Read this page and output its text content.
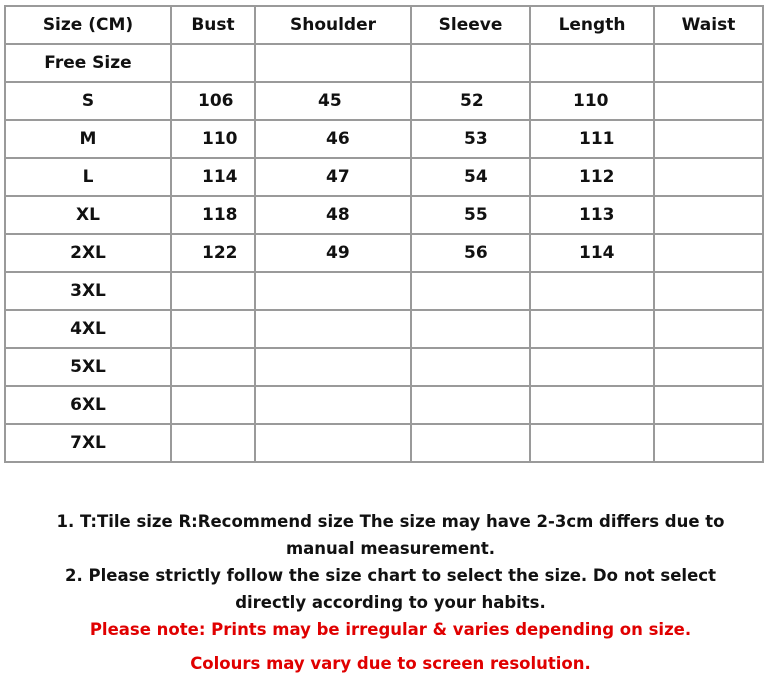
Size (CM)	Bust	Shoulder	Sleeve	Length	Waist
Free Size					
S	106	45	52	110	
M	110	46	53	111	
L	114	47	54	112	
XL	118	48	55	113	
2XL	122	49	56	114	
3XL					
4XL					
5XL					
6XL					
7XL					

1. T:Tile size R:Recommend size The size may have 2-3cm differs due to manual measurement.

2. Please strictly follow the size chart to select the size. Do not select directly according to your habits.

Please note: Prints may be irregular & varies depending on size.

Colours may vary due to screen resolution.
